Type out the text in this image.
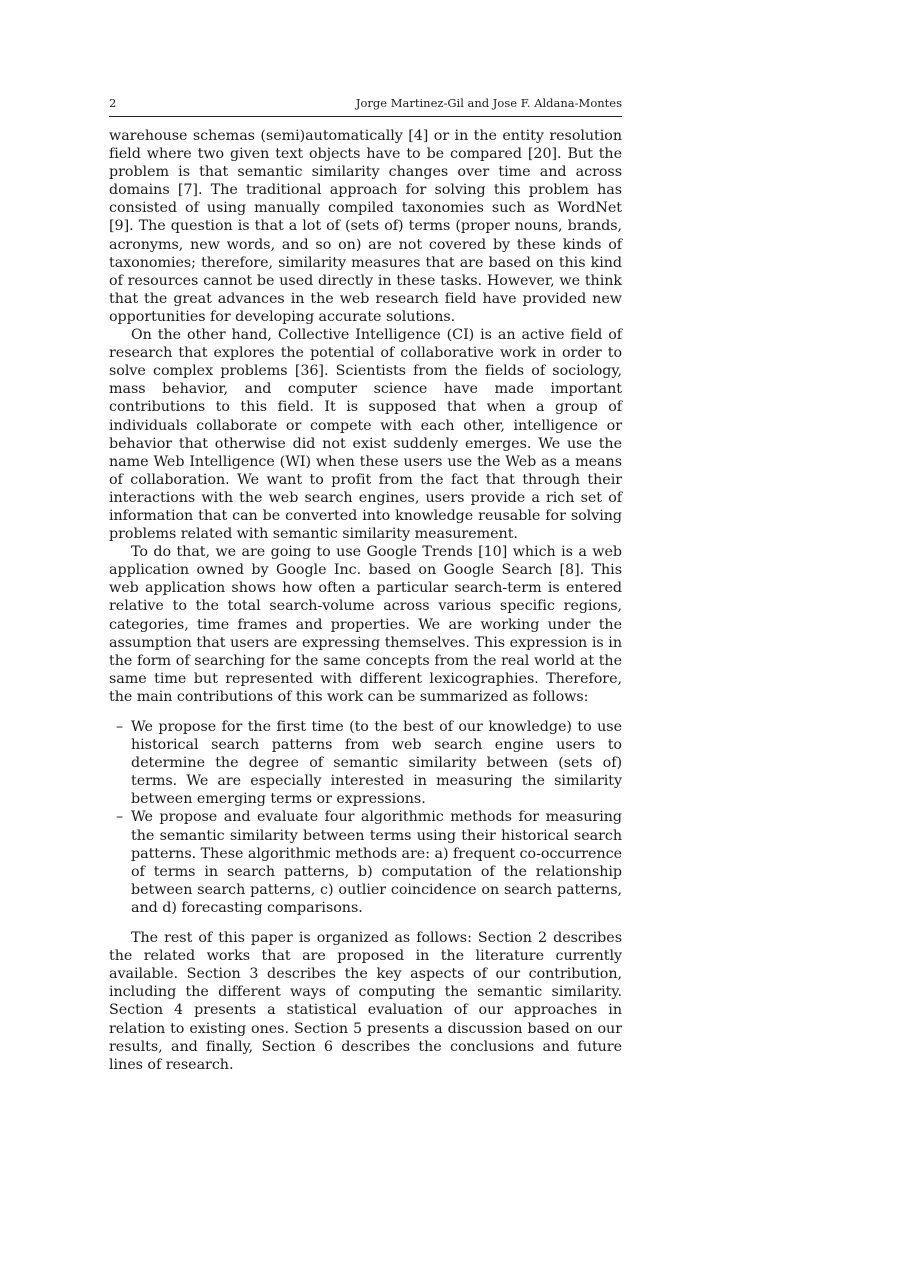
2	Jorge Martinez-Gil and Jose F. Aldana-Montes

warehouse schemas (semi)automatically [4] or in the entity resolution field where two given text objects have to be compared [20]. But the problem is that semantic similarity changes over time and across domains [7]. The traditional approach for solving this problem has consisted of using manually compiled taxonomies such as WordNet [9]. The question is that a lot of (sets of) terms (proper nouns, brands, acronyms, new words, and so on) are not covered by these kinds of taxonomies; therefore, similarity measures that are based on this kind of resources cannot be used directly in these tasks. However, we think that the great advances in the web research field have provided new opportunities for developing accurate solutions.

On the other hand, Collective Intelligence (CI) is an active field of research that explores the potential of collaborative work in order to solve complex problems [36]. Scientists from the fields of sociology, mass behavior, and computer science have made important contributions to this field. It is supposed that when a group of individuals collaborate or compete with each other, intelligence or behavior that otherwise did not exist suddenly emerges. We use the name Web Intelligence (WI) when these users use the Web as a means of collaboration. We want to profit from the fact that through their interactions with the web search engines, users provide a rich set of information that can be converted into knowledge reusable for solving problems related with semantic similarity measurement.

To do that, we are going to use Google Trends [10] which is a web application owned by Google Inc. based on Google Search [8]. This web application shows how often a particular search-term is entered relative to the total search-volume across various specific regions, categories, time frames and properties. We are working under the assumption that users are expressing themselves. This expression is in the form of searching for the same concepts from the real world at the same time but represented with different lexicographies. Therefore, the main contributions of this work can be summarized as follows:

– We propose for the first time (to the best of our knowledge) to use historical search patterns from web search engine users to determine the degree of semantic similarity between (sets of) terms. We are especially interested in measuring the similarity between emerging terms or expressions.
– We propose and evaluate four algorithmic methods for measuring the semantic similarity between terms using their historical search patterns. These algorithmic methods are: a) frequent co-occurrence of terms in search patterns, b) computation of the relationship between search patterns, c) outlier coincidence on search patterns, and d) forecasting comparisons.

The rest of this paper is organized as follows: Section 2 describes the related works that are proposed in the literature currently available. Section 3 describes the key aspects of our contribution, including the different ways of computing the semantic similarity. Section 4 presents a statistical evaluation of our approaches in relation to existing ones. Section 5 presents a discussion based on our results, and finally, Section 6 describes the conclusions and future lines of research.
